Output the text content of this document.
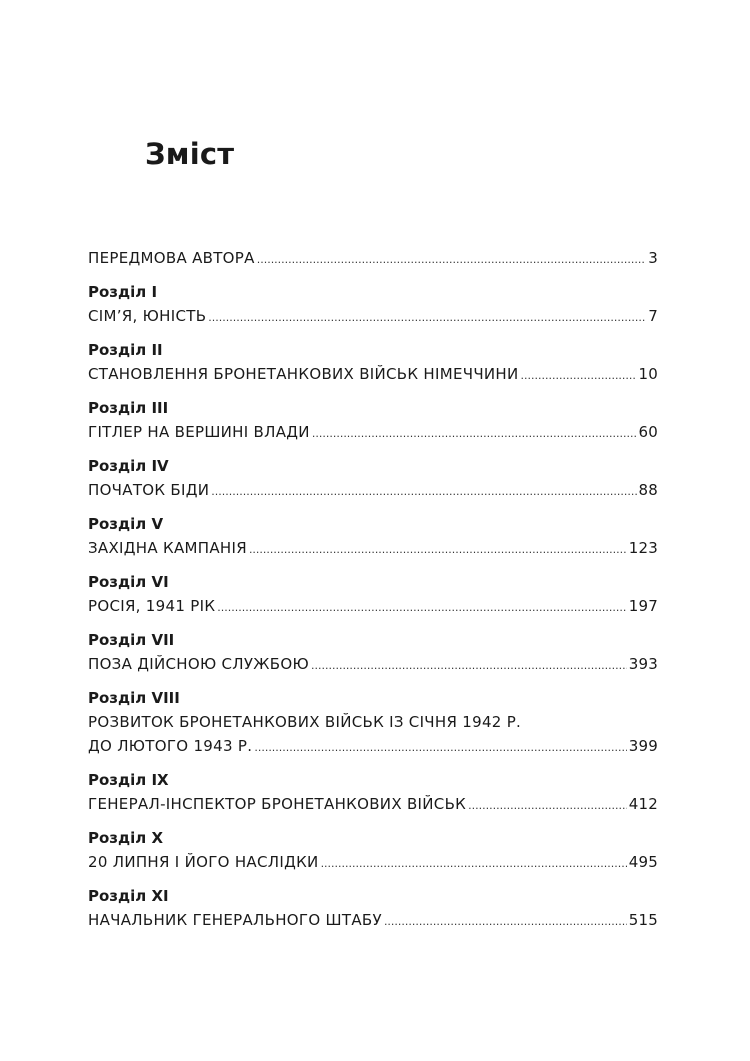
Зміст
ПЕРЕДМОВА АВТОРА .....	3
Розділ І
СІМ’Я, ЮНІСТЬ .....	7
Розділ ІІ
СТАНОВЛЕННЯ БРОНЕТАНКОВИХ ВІЙСЬК НІМЕЧЧИНИ .....	10
Розділ ІІІ
ГІТЛЕР НА ВЕРШИНІ ВЛАДИ .....	60
Розділ ІV
ПОЧАТОК БІДИ .....	88
Розділ V
ЗАХІДНА КАМПАНІЯ .....	123
Розділ VІ
РОСІЯ, 1941 РІК .....	197
Розділ VІІ
ПОЗА ДІЙСНОЮ СЛУЖБОЮ .....	393
Розділ VІІІ
РОЗВИТОК БРОНЕТАНКОВИХ ВІЙСЬК ІЗ СІЧНЯ 1942 Р.
ДО ЛЮТОГО 1943 Р. .....	399
Розділ ІХ
ГЕНЕРАЛ-ІНСПЕКТОР БРОНЕТАНКОВИХ ВІЙСЬК .....	412
Розділ Х
20 ЛИПНЯ І ЙОГО НАСЛІДКИ .....	495
Розділ ХІ
НАЧАЛЬНИК ГЕНЕРАЛЬНОГО ШТАБУ .....	515
